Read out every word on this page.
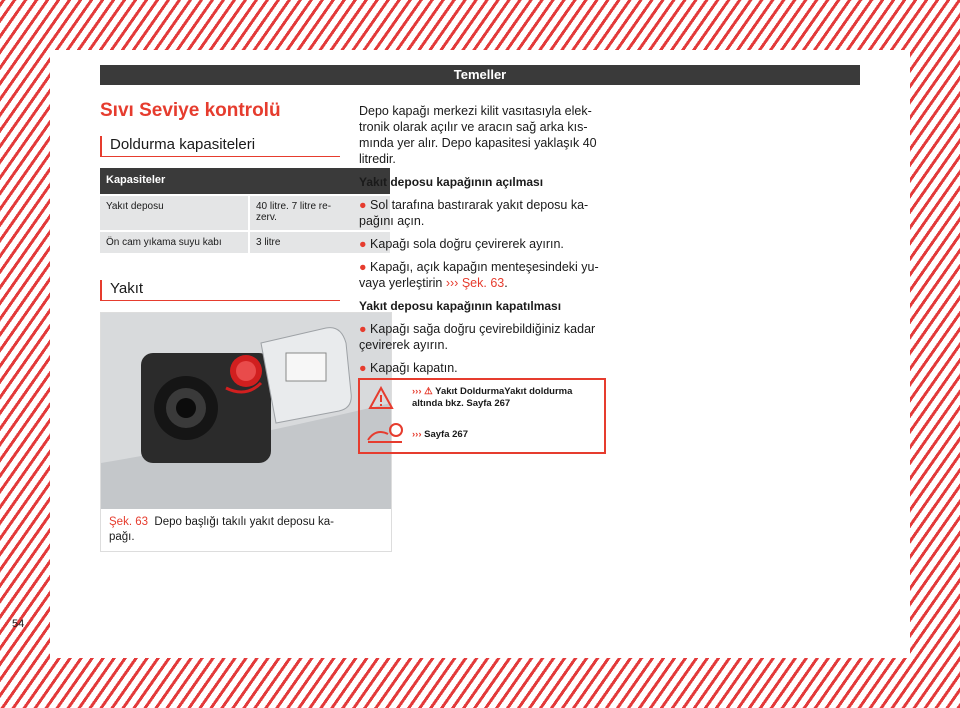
Temeller
Sıvı Seviye kontrolü
Doldurma kapasiteleri
Kapasiteler
Yakıt deposu	40 litre. 7 litre re-
zerv.
Ön cam yıkama suyu kabı	3 litre
Yakıt
Şek. 63 Depo başlığı takılı yakıt deposu ka-
pağı.

Depo kapağı merkezi kilit vasıtasıyla elek-
tronik olarak açılır ve aracın sağ arka kıs-
mında yer alır. Depo kapasitesi yaklaşık 40
litredir.

Yakıt deposu kapağının açılması

● Sol tarafına bastırarak yakıt deposu ka-
pağını açın.

● Kapağı sola doğru çevirerek ayırın.

● Kapağı, açık kapağın menteşesindeki yu-
vaya yerleştirin ››› Şek. 63.

Yakıt deposu kapağının kapatılması

● Kapağı sağa doğru çevirebildiğiniz kadar
çevirerek ayırın.

● Kapağı kapatın.

››› ⚠ Yakıt DoldurmaYakıt doldurma
altında bkz. Sayfa 267
››› Sayfa 267
54
